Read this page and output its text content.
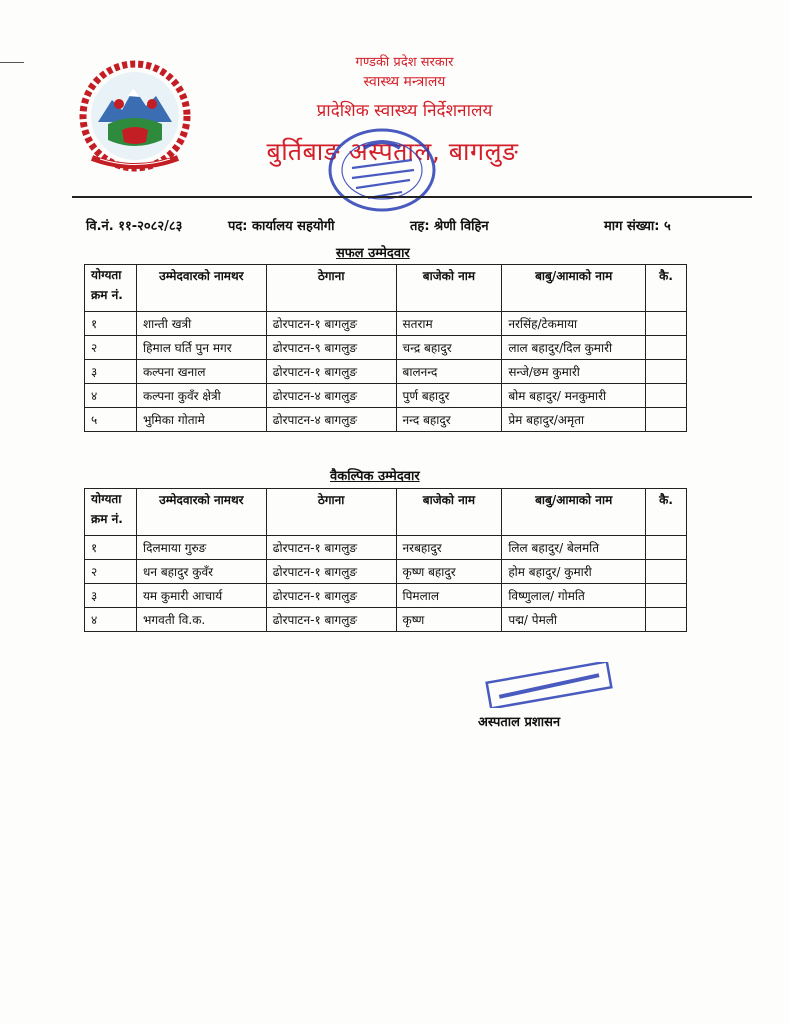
गण्डकी प्रदेश सरकार
स्वास्थ्य मन्त्रालय
प्रादेशिक स्वास्थ्य निर्देशनालय
बुर्तिबाङ अस्पताल, बागलुङ
वि.नं. ११-२०८२/८३	पद: कार्यालय सहयोगी	तह: श्रेणी विहिन	माग संख्या: ५
सफल उम्मेदवार
योग्यता क्रम नं.	उम्मेदवारको नामथर	ठेगाना	बाजेको नाम	बाबु/आमाको नाम	कै.
१	शान्ती खत्री	ढोरपाटन-१ बागलुङ	सतराम	नरसिंह/टेकमाया	
२	हिमाल घर्ति पुन मगर	ढोरपाटन-९ बागलुङ	चन्द्र बहादुर	लाल बहादुर/दिल कुमारी	
३	कल्पना खनाल	ढोरपाटन-१ बागलुङ	बालनन्द	सन्जे/छम कुमारी	
४	कल्पना कुवँर क्षेत्री	ढोरपाटन-४ बागलुङ	पुर्ण बहादुर	बोम बहादुर/ मनकुमारी	
५	भुमिका गोतामे	ढोरपाटन-४ बागलुङ	नन्द बहादुर	प्रेम बहादुर/अमृता	
वैकल्पिक उम्मेदवार
योग्यता क्रम नं.	उम्मेदवारको नामथर	ठेगाना	बाजेको नाम	बाबु/आमाको नाम	कै.
१	दिलमाया गुरुङ	ढोरपाटन-१ बागलुङ	नरबहादुर	लिल बहादुर/ बेलमति	
२	धन बहादुर कुवँर	ढोरपाटन-१ बागलुङ	कृष्ण बहादुर	होम बहादुर/ कुमारी	
३	यम कुमारी आचार्य	ढोरपाटन-१ बागलुङ	पिमलाल	विष्णुलाल/ गोमति	
४	भगवती वि.क.	ढोरपाटन-१ बागलुङ	कृष्ण	पद्म/ पेमली	
अस्पताल प्रशासन
